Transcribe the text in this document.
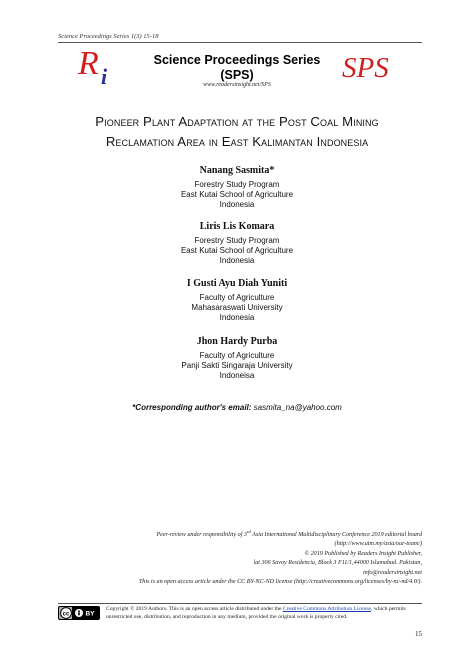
Science Proceedings Series 1(3) 15-18
R i
Science Proceedings Series
(SPS)
www.readersinsight.net/SPS
SPS
Pioneer Plant Adaptation at the Post Coal Mining
Reclamation Area in East Kalimantan Indonesia
Nanang Sasmita*
Forestry Study Program
East Kutai School of Agriculture
Indonesia
Liris Lis Komara
Forestry Study Program
East Kutai School of Agriculture
Indonesia
I Gusti Ayu Diah Yuniti
Faculty of Agriculture
Mahasaraswati University
Indonesia
Jhon Hardy Purba
Faculty of Agriculture
Panji Sakti Singaraja University
Indoneisa
*Corresponding author's email: sasmita_na@yahoo.com
Peer-review under responsibility of 3rd Asia International Multidisciplinary Conference 2019 editorial board
(http://www.utm.my/asia/our-team/)
© 2019 Published by Readers Insight Publisher,
lat 306 Savoy Residencia, Block 3 F11/1,44000 Islamabad. Pakistan,
info@readersinsight.net
This is an open access article under the CC BY-NC-ND license (http://creativecommons.org/licenses/by-nc-nd/4.0/).
cc BY
Copyright © 2019 Authors. This is an open access article distributed under the Creative Commons Attribution License, which permits unrestricted use, distribution, and reproduction in any medium, provided the original work is properly cited.
15
